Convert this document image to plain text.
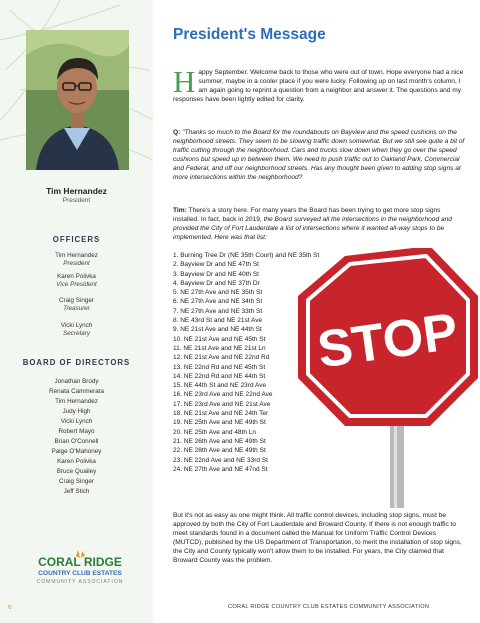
Tim Hernandez
President
OFFICERS
Tim Hernandez
President
Karen Polivka
Vice President
Craig Singer
Treasurer
Vicki Lynch
Secretary
BOARD OF DIRECTORS
Jonathan Brody
Renata Cammerata
Tim Hernandez
Judy High
Vicki Lynch
Robert Mayo
Brian O'Connell
Paige O'Mahoney
Karen Polivka
Bruce Quailey
Craig Singer
Jeff Stich
CORAL RIDGE
COUNTRY CLUB ESTATES
COMMUNITY ASSOCIATION
6
President's Message
Happy September. Welcome back to those who were out of town. Hope everyone had a nice summer, maybe in a cooler place if you were lucky. Following up on last month's column, I am again going to reprint a question from a neighbor and answer it. The questions and my responses have been lightly edited for clarity.
Q: "Thanks so much to the Board for the roundabouts on Bayview and the speed cushions on the neighborhood streets. They seem to be slowing traffic down somewhat. But we still see quite a bit of traffic cutting through the neighborhood. Cars and trucks slow down when they go over the speed cushions but speed up in between them. We need to push traffic out to Oakland Park, Commercial and Federal, and off our neighborhood streets. Has any thought been given to adding stop signs at more intersections within the neighborhood?
Tim: There's a story here. For many years the Board has been trying to get more stop signs installed. In fact, back in 2019, the Board surveyed all the intersections in the neighborhood and provided the City of Fort Lauderdale a list of intersections where it wanted all-way stops to be implemented. Here was that list:
STOP
1. Burning Tree Dr (NE 35th Court) and NE 35th St
2. Bayview Dr and NE 47th St
3. Bayview Dr and NE 40th St
4. Bayview Dr and NE 37th Dr
5. NE 27th Ave and NE 35th St
6. NE 27th Ave and NE 34th St
7. NE 27th Ave and NE 33th St
8. NE 43rd St and NE 21st Ave
9. NE 21st Ave and NE 44th St
10. NE 21st Ave and NE 45th St
11. NE 21st Ave and NE 21st Ln
12. NE 21st Ave and NE 22nd Rd
13. NE 22nd Rd and NE 45th St
14. NE 22nd Rd and NE 44th St
15. NE 44th St and NE 23rd Ave
16. NE 23rd Ave and NE 22nd Ave
17. NE 23rd Ave and NE 21st Ave
18. NE 21st Ave and NE 24th Ter
19. NE 25th Ave and NE 49th St
20. NE 25th Ave and 48th Ln
21. NE 26th Ave and NE 49th St
22. NE 28th Ave and NE 49th St
23. NE 22nd Ave and NE 33rd St
24. NE 27th Ave and NE 47nd St
But it's not as easy as one might think. All traffic control devices, including stop signs, must be approved by both the City of Fort Lauderdale and Broward County. If there is not enough traffic to meet standards found in a document called the Manual for Uniform Traffic Control Devices (MUTCD), published by the US Department of Transportation, to merit the installation of stop signs, the City and County typically won't allow them to be installed. For years, the City claimed that Broward County was the problem.
CORAL RIDGE COUNTRY CLUB ESTATES COMMUNITY ASSOCIATION
